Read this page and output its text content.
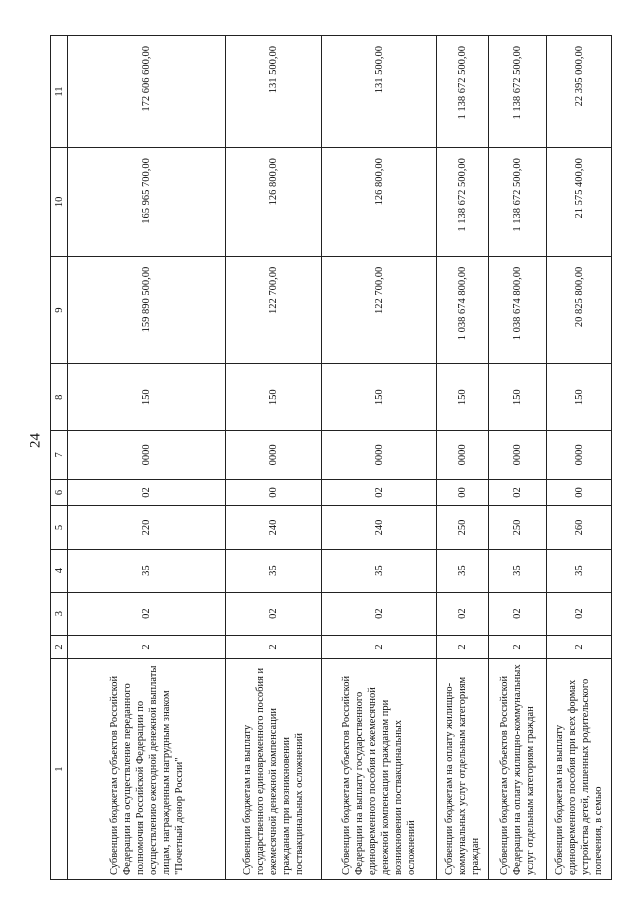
24
1	2	3	4	5	6	7	8	9	10	11
Субвенции бюджетам субъектов Российской Федерации на осуществление переданного полномочия Российской Федерации по осуществлению ежегодной денежной выплаты лицам, награжденным нагрудным знаком "Почетный донор России"	2	02	35	220	02	0000	150	159 890 500,00	165 965 700,00	172 606 600,00
Субвенции бюджетам на выплату государственного единовременного пособия и ежемесячной денежной компенсации гражданам при возникновении поствакцинальных осложнений	2	02	35	240	00	0000	150	122 700,00	126 800,00	131 500,00
Субвенции бюджетам субъектов Российской Федерации на выплату государственного единовременного пособия и ежемесячной денежной компенсации гражданам при возникновении поствакцинальных осложнений	2	02	35	240	02	0000	150	122 700,00	126 800,00	131 500,00
Субвенции бюджетам на оплату жилищно-коммунальных услуг отдельным категориям граждан	2	02	35	250	00	0000	150	1 038 674 800,00	1 138 672 500,00	1 138 672 500,00
Субвенции бюджетам субъектов Российской Федерации на оплату жилищно-коммунальных услуг отдельным категориям граждан	2	02	35	250	02	0000	150	1 038 674 800,00	1 138 672 500,00	1 138 672 500,00
Субвенции бюджетам на выплату единовременного пособия при всех формах устройства детей, лишенных родительского попечения, в семью	2	02	35	260	00	0000	150	20 825 800,00	21 575 400,00	22 395 000,00
